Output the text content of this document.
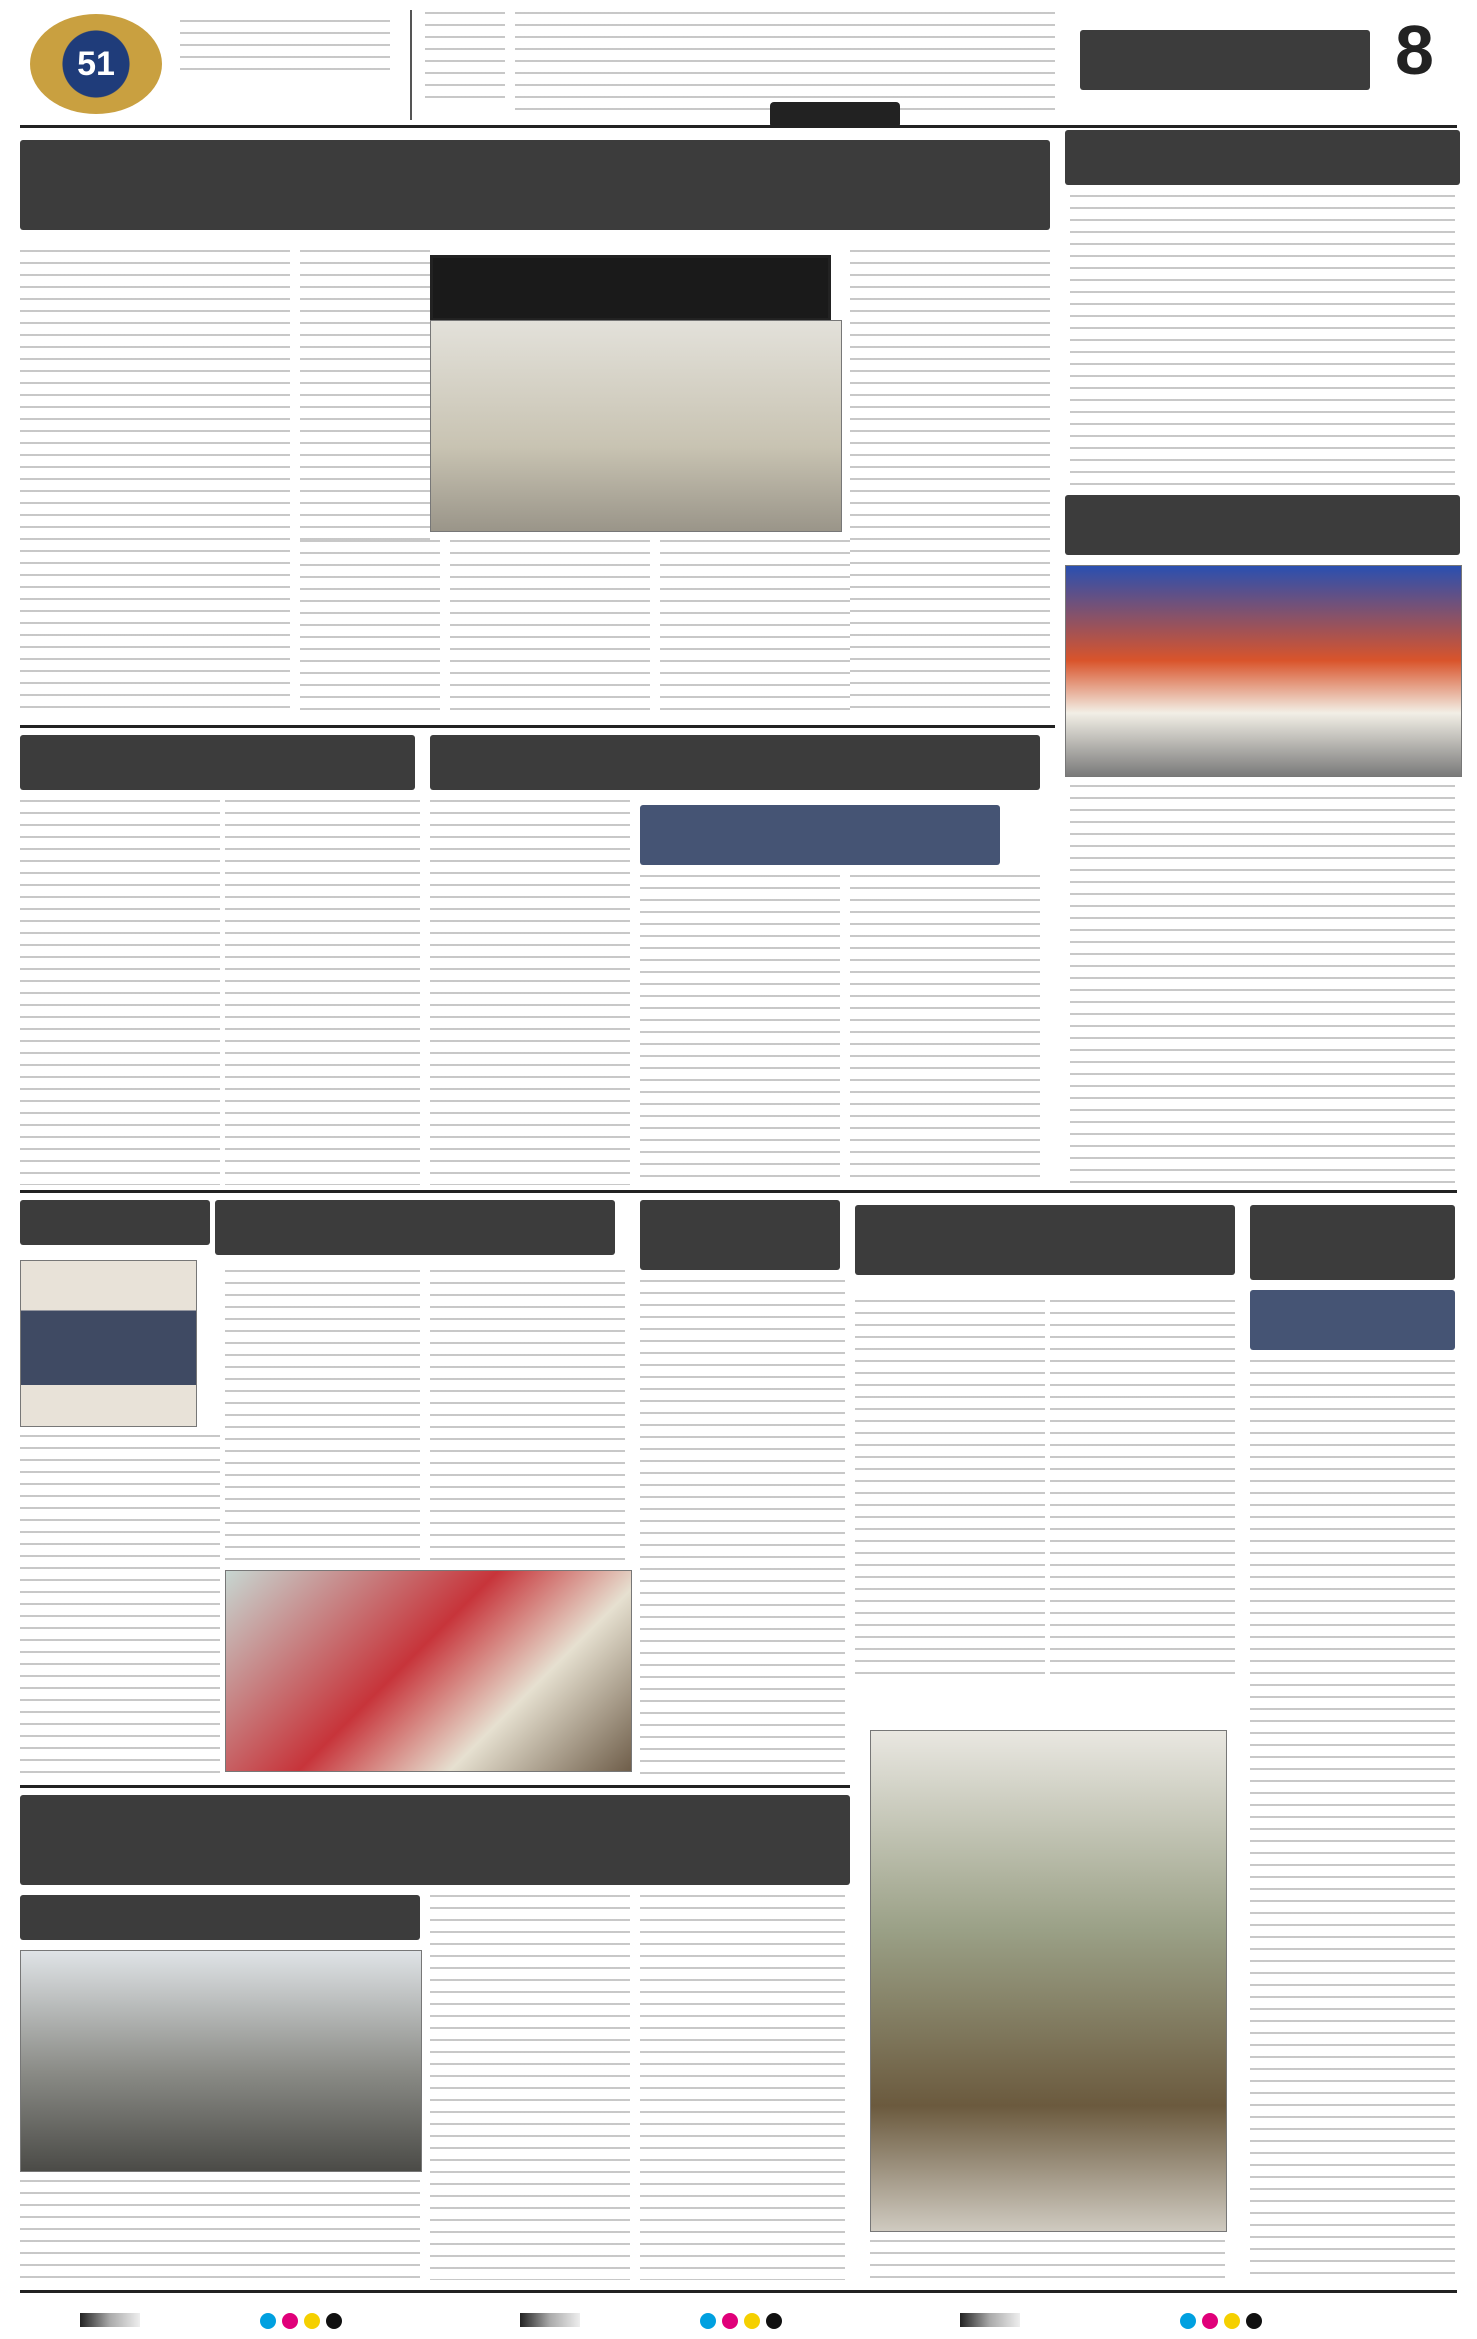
51	8
